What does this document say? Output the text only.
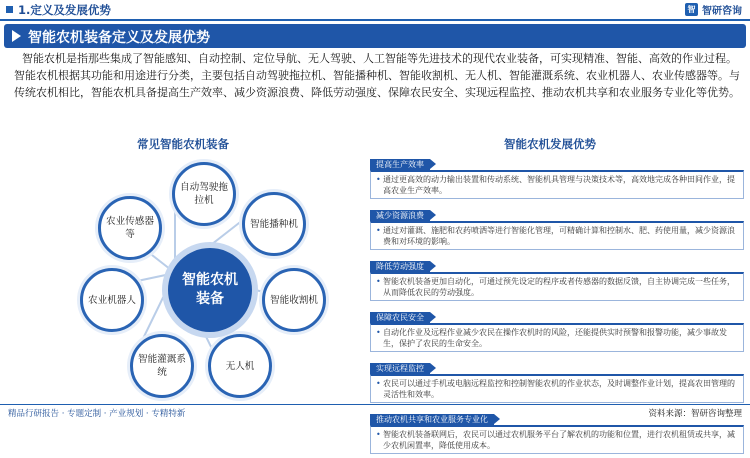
1.定义及发展优势	智 智研咨询
智能农机装备定义及发展优势

智能农机是指那些集成了智能感知、自动控制、定位导航、无人驾驶、人工智能等先进技术的现代农业装备，可实现精准、智能、高效的作业过程。智能农机根据其功能和用途进行分类，主要包括自动驾驶拖拉机、智能播种机、智能收割机、无人机、智能灌溉系统、农业机器人、农业传感器等。与传统农机相比，智能农机具备提高生产效率、减少资源浪费、降低劳动强度、保障农民安全、实现远程监控、推动农机共享和农业服务专业化等优势。

常见智能农机装备
自动驾驶拖拉机
智能播种机
智能收割机
无人机
智能灌溉系统
农业机器人
农业传感器等
智能农机装备
智能农机发展优势
提高生产效率
• 通过更高效的动力输出装置和传动系统、智能机具管理与决策技术等，高效地完成各种田间作业，提高农业生产效率。
减少资源浪费
• 通过对灌溉、施肥和农药喷洒等进行智能化管理，可精确计算和控制水、肥、药使用量，减少资源浪费和对环境的影响。
降低劳动强度
• 智能农机装备更加自动化，可通过预先设定的程序或者传感器的数据反馈，自主协调完成一些任务，从而降低农民的劳动强度。
保障农民安全
• 自动化作业及远程作业减少农民在操作农机时的风险，还能提供实时预警和报警功能，减少事故发生，保护了农民的生命安全。
实现远程监控
• 农民可以通过手机或电脑远程监控和控制智能农机的作业状态，及时调整作业计划，提高农田管理的灵活性和效率。
推动农机共享和农业服务专业化
• 智能农机装备联网后，农民可以通过农机服务平台了解农机的功能和位置，进行农机租赁或共享，减少农机闲置率，降低使用成本。
精品行研报告 · 专题定制 · 产业规划 · 专精特新	资料来源：智研咨询整理
